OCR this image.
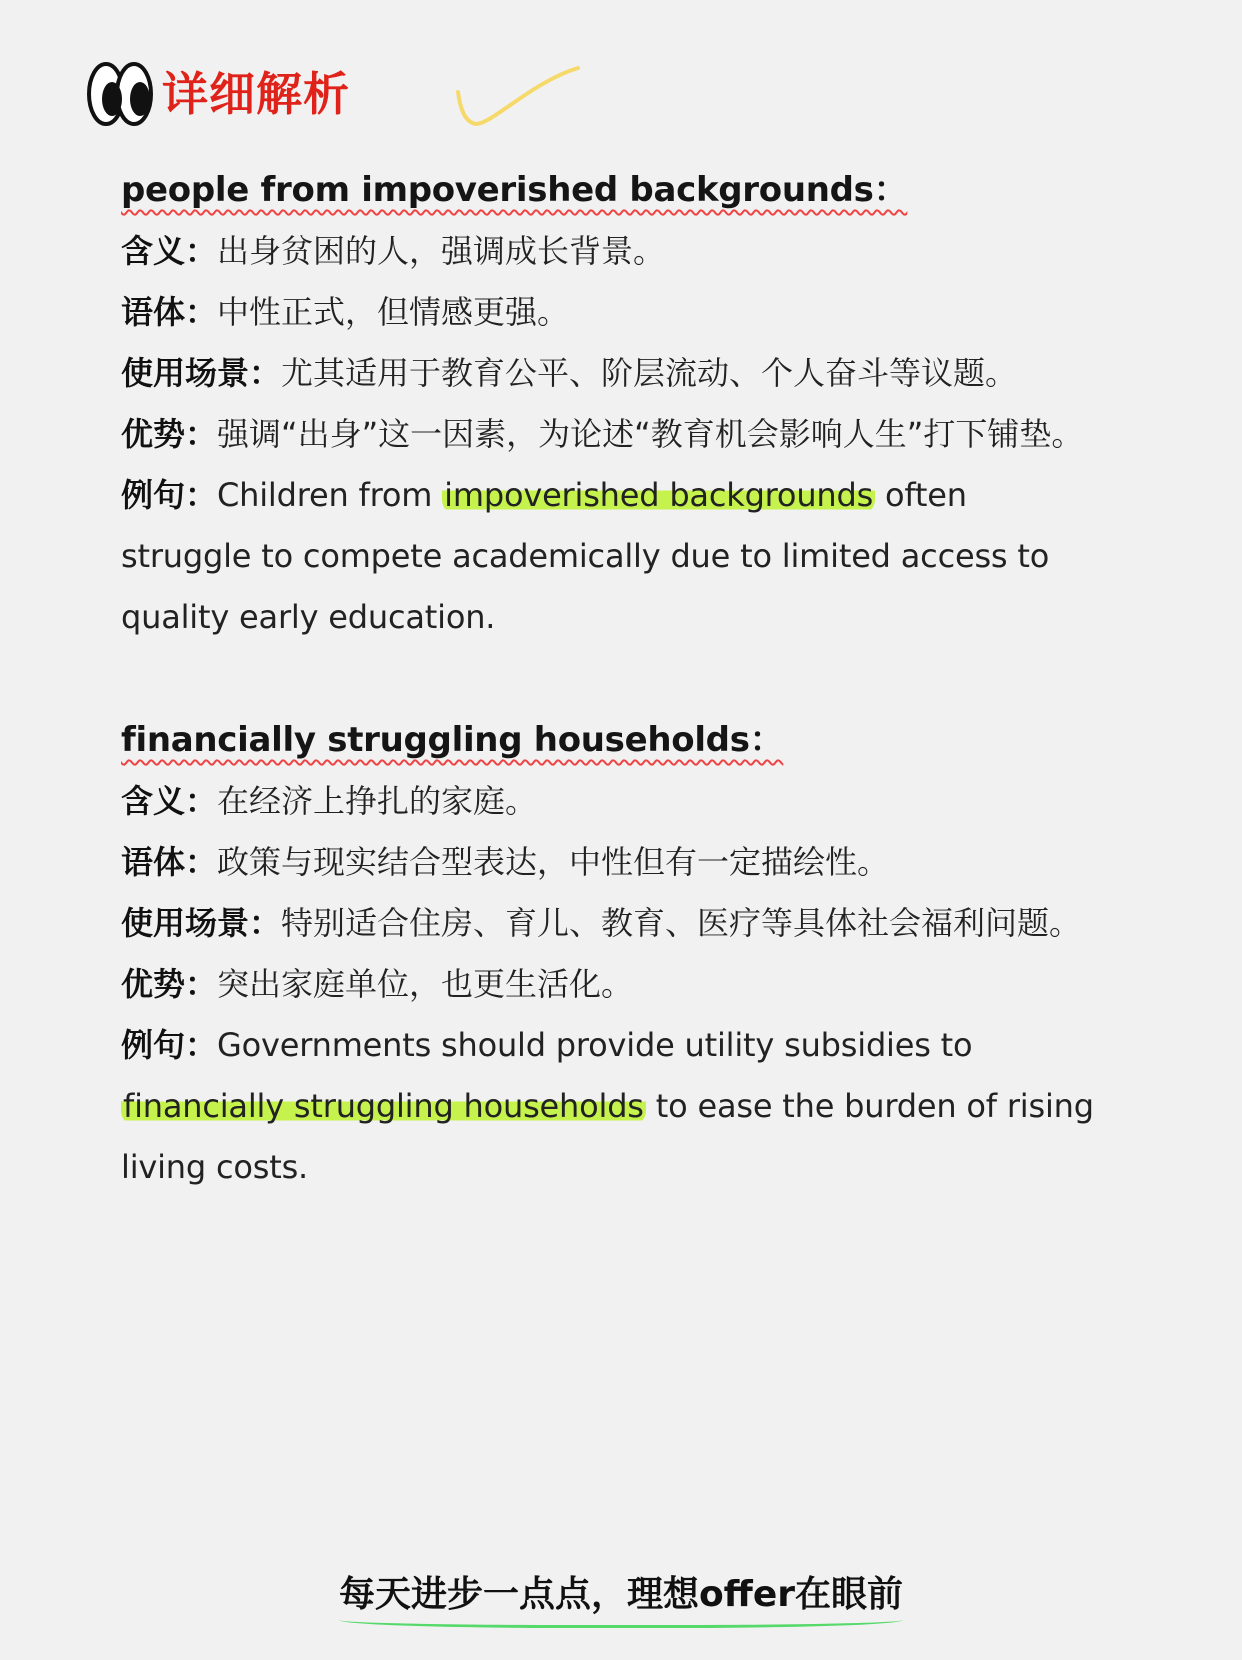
详细解析
people from impoverished backgrounds：

含义：出身贫困的人，强调成长背景。

语体：中性正式，但情感更强。

使用场景：尤其适用于教育公平、阶层流动、个人奋斗等议题。

优势：强调“出身”这一因素，为论述“教育机会影响人生”打下铺垫。

例句：Children from impoverished backgrounds often struggle to compete academically due to limited access to quality early education.

financially struggling households：

含义：在经济上挣扎的家庭。

语体：政策与现实结合型表达，中性但有一定描绘性。

使用场景：特别适合住房、育儿、教育、医疗等具体社会福利问题。

优势：突出家庭单位，也更生活化。

例句：Governments should provide utility subsidies to financially struggling households to ease the burden of rising living costs.

每天进步一点点，理想offer在眼前
